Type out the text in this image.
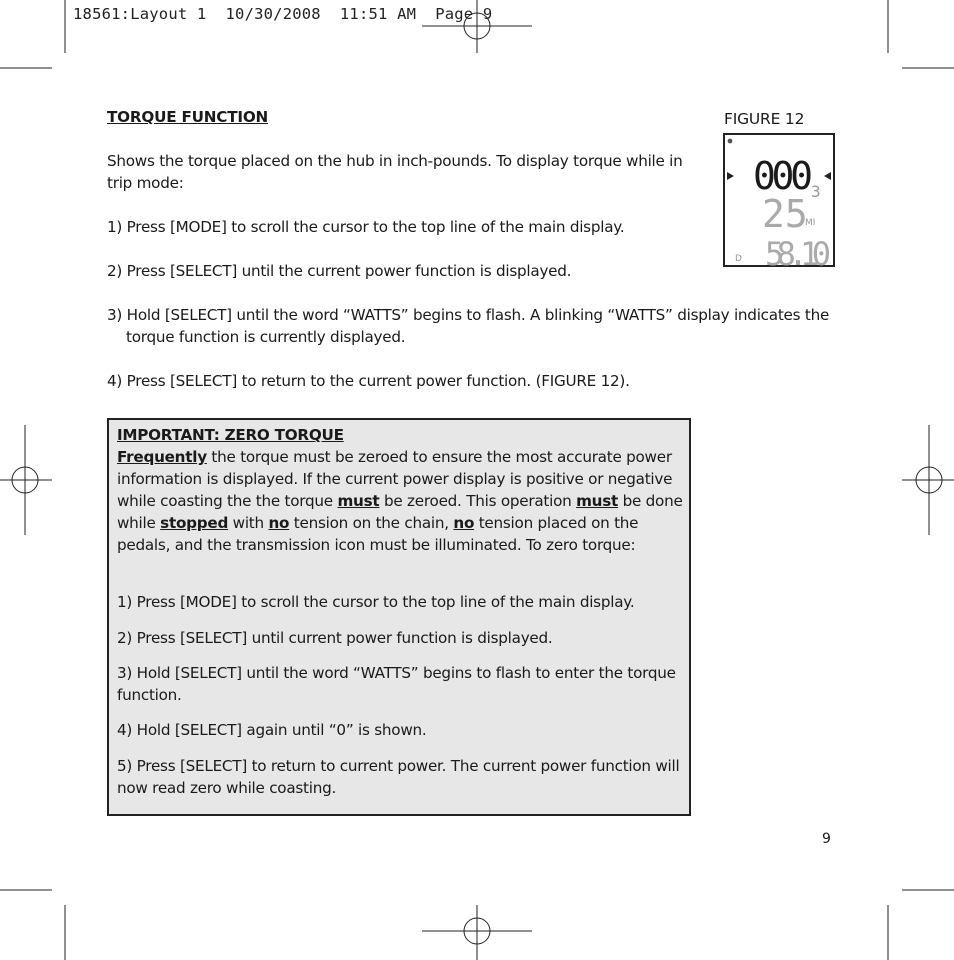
18561:Layout 1  10/30/2008  11:51 AM  Page 9
TORQUE FUNCTION
Shows the torque placed on the hub in inch-pounds. To display torque while in trip mode:
1) Press [MODE] to scroll the cursor to the top line of the main display.
2) Press [SELECT] until the current power function is displayed.
3) Hold [SELECT] until the word “WATTS” begins to flash. A blinking “WATTS” display indicates the torque function is currently displayed.
4) Press [SELECT] to return to the current power function. (FIGURE 12).
FIGURE 12
000
3
25
MI
D 58.10
IMPORTANT: ZERO TORQUE
Frequently the torque must be zeroed to ensure the most accurate power information is displayed. If the current power display is positive or negative while coasting the the torque must be zeroed. This operation must be done while stopped with no tension on the chain, no tension placed on the pedals, and the transmission icon must be illuminated. To zero torque:
1) Press [MODE] to scroll the cursor to the top line of the main display.
2) Press [SELECT] until current power function is displayed.
3) Hold [SELECT] until the word “WATTS” begins to flash to enter the torque function.
4) Hold [SELECT] again until “0” is shown.
5) Press [SELECT] to return to current power. The current power function will now read zero while coasting.
9
